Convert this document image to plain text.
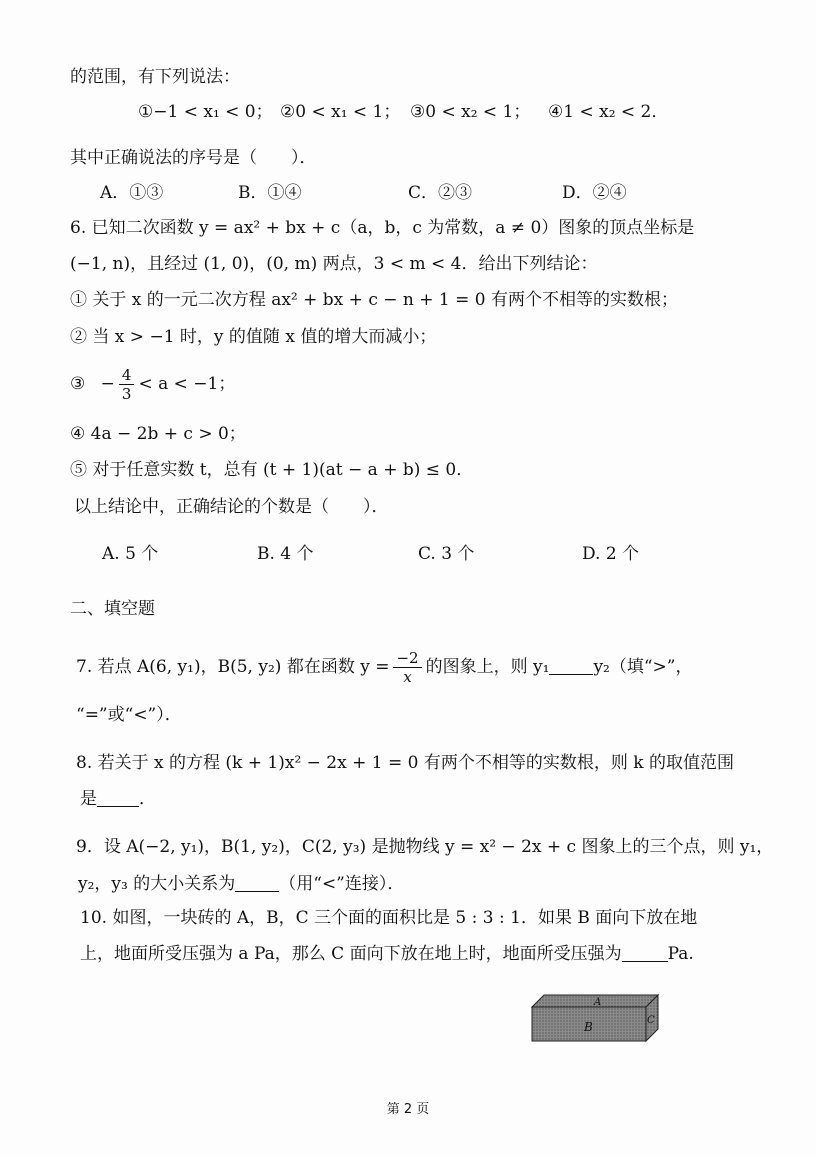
的范围，有下列说法：
①−1 < x₁ < 0； ②0 < x₁ < 1； ③0 < x₂ < 1； ④1 < x₂ < 2．
其中正确说法的序号是（　　）．
A．①③	B．①④	C．②③	D．②④
6. 已知二次函数 y = ax² + bx + c（a，b，c 为常数，a ≠ 0）图象的顶点坐标是
(−1, n)，且经过 (1, 0)，(0, m) 两点，3 < m < 4．给出下列结论：
① 关于 x 的一元二次方程 ax² + bx + c − n + 1 = 0 有两个不相等的实数根；
② 当 x > −1 时，y 的值随 x 值的增大而减小；
③ − $\frac{4}{3} < a < -1$；
④ 4a − 2b + c > 0；
⑤ 对于任意实数 t，总有 (t + 1)(at − a + b) ≤ 0．
以上结论中，正确结论的个数是（　　）．
A. 5 个	B. 4 个	C. 3 个	D. 2 个
二、填空题
7. 若点 A(6, y₁)，B(5, y₂) 都在函数 $y = \frac{-2}{x}$ 的图象上，则 y₁	y₂（填“>”，
“=”或“<”）．
8. 若关于 x 的方程 (k + 1)x² − 2x + 1 = 0 有两个不相等的实数根，则 k 的取值范围
是 ．
9．设 A(−2, y₁)，B(1, y₂)，C(2, y₃) 是抛物线 y = x² − 2x + c 图象上的三个点，则 y₁，
y₂，y₃ 的大小关系为	（用“<”连接）．
10. 如图，一块砖的 A，B，C 三个面的面积比是 5 : 3 : 1．如果 B 面向下放在地
上，地面所受压强为 a Pa，那么 C 面向下放在地上时，地面所受压强为	Pa.
A
B	C
第 2 页
